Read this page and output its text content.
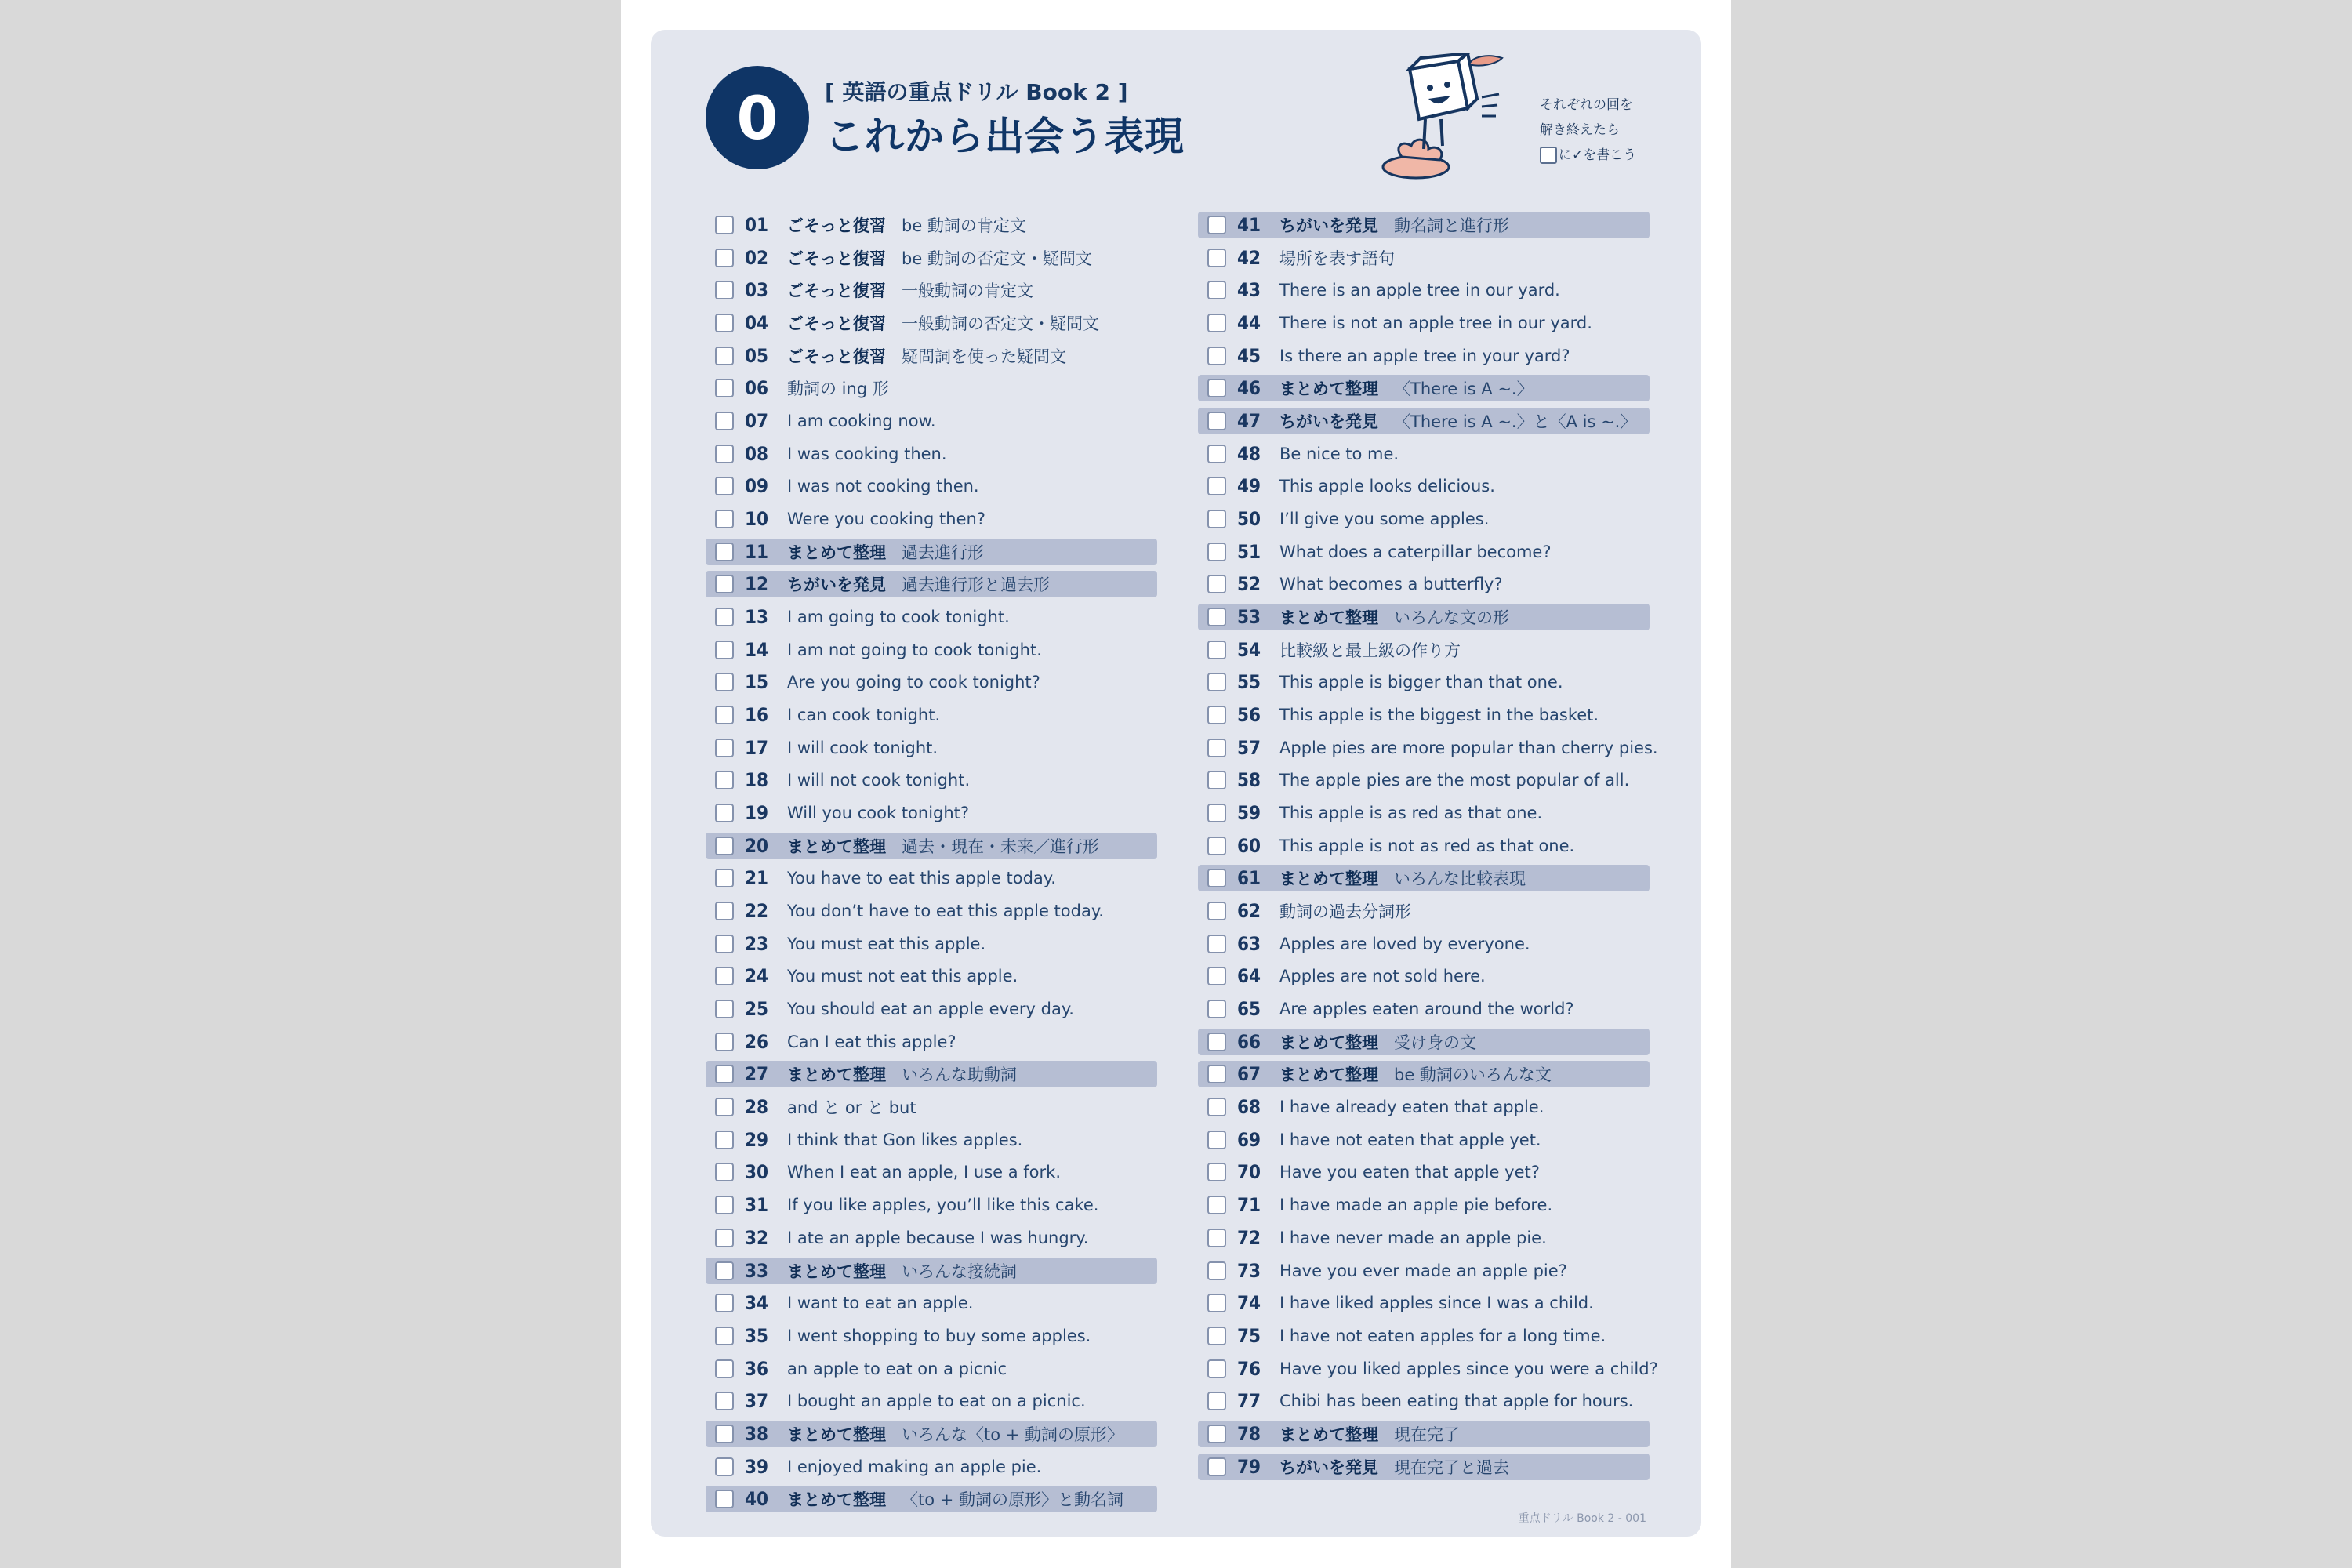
0	[ 英語の重点ドリル Book 2 ]
これから出会う表現
それぞれの回を
解き終えたら
に✓を書こう
01	ごそっと復習 be 動詞の肯定文
02	ごそっと復習 be 動詞の否定文・疑問文
03	ごそっと復習 一般動詞の肯定文
04	ごそっと復習 一般動詞の否定文・疑問文
05	ごそっと復習 疑問詞を使った疑問文
06	動詞の ing 形
07	I am cooking now.
08	I was cooking then.
09	I was not cooking then.
10	Were you cooking then?
11	まとめて整理 過去進行形
12	ちがいを発見 過去進行形と過去形
13	I am going to cook tonight.
14	I am not going to cook tonight.
15	Are you going to cook tonight?
16	I can cook tonight.
17	I will cook tonight.
18	I will not cook tonight.
19	Will you cook tonight?
20	まとめて整理 過去・現在・未来／進行形
21	You have to eat this apple today.
22	You don’t have to eat this apple today.
23	You must eat this apple.
24	You must not eat this apple.
25	You should eat an apple every day.
26	Can I eat this apple?
27	まとめて整理 いろんな助動詞
28	and と or と but
29	I think that Gon likes apples.
30	When I eat an apple, I use a fork.
31	If you like apples, you’ll like this cake.
32	I ate an apple because I was hungry.
33	まとめて整理 いろんな接続詞
34	I want to eat an apple.
35	I went shopping to buy some apples.
36	an apple to eat on a picnic
37	I bought an apple to eat on a picnic.
38	まとめて整理 いろんな〈to + 動詞の原形〉
39	I enjoyed making an apple pie.
40	まとめて整理 〈to + 動詞の原形〉と動名詞
41	ちがいを発見 動名詞と進行形
42	場所を表す語句
43	There is an apple tree in our yard.
44	There is not an apple tree in our yard.
45	Is there an apple tree in your yard?
46	まとめて整理 〈There is A ~.〉
47	ちがいを発見 〈There is A ~.〉と〈A is ~.〉
48	Be nice to me.
49	This apple looks delicious.
50	I’ll give you some apples.
51	What does a caterpillar become?
52	What becomes a butterfly?
53	まとめて整理 いろんな文の形
54	比較級と最上級の作り方
55	This apple is bigger than that one.
56	This apple is the biggest in the basket.
57	Apple pies are more popular than cherry pies.
58	The apple pies are the most popular of all.
59	This apple is as red as that one.
60	This apple is not as red as that one.
61	まとめて整理 いろんな比較表現
62	動詞の過去分詞形
63	Apples are loved by everyone.
64	Apples are not sold here.
65	Are apples eaten around the world?
66	まとめて整理 受け身の文
67	まとめて整理 be 動詞のいろんな文
68	I have already eaten that apple.
69	I have not eaten that apple yet.
70	Have you eaten that apple yet?
71	I have made an apple pie before.
72	I have never made an apple pie.
73	Have you ever made an apple pie?
74	I have liked apples since I was a child.
75	I have not eaten apples for a long time.
76	Have you liked apples since you were a child?
77	Chibi has been eating that apple for hours.
78	まとめて整理 現在完了
79	ちがいを発見 現在完了と過去
重点ドリル Book 2 - 001
